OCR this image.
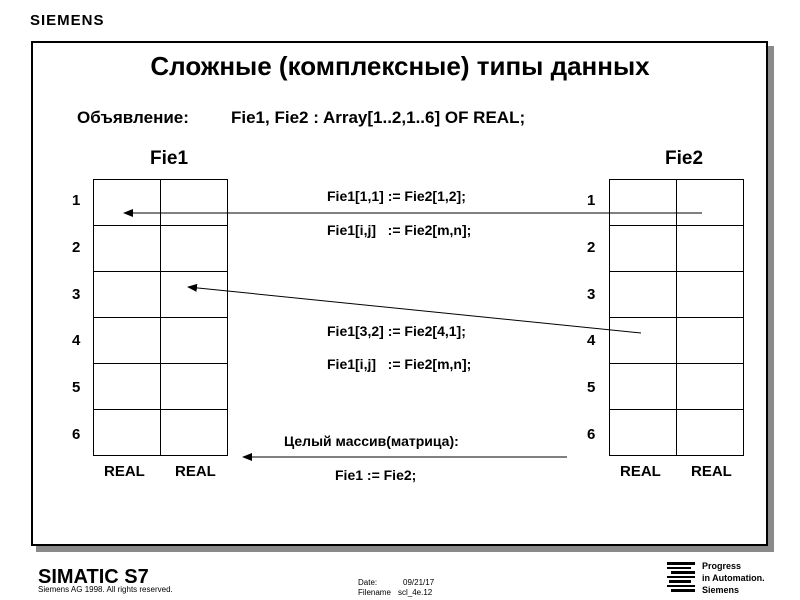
SIEMENS
Сложные (комплексные) типы данных
Объявление: Fie1, Fie2 : Array[1..2,1..6] OF REAL;
Fie1	Fie2
1
2
3
4
5
6
1
2
3
4
5
6

REAL REAL	REAL REAL
Fie1[1,1] := Fie2[1,2];
Fie1[i,j]   := Fie2[m,n];
Fie1[3,2] := Fie2[4,1];
Fie1[i,j]   := Fie2[m,n];
Целый массив(матрица):
Fie1 := Fie2;
SIMATIC S7
Siemens AG 1998. All rights reserved.
Date:	09/21/17
Filename scl_4e.12
Progress
in Automation.
Siemens
